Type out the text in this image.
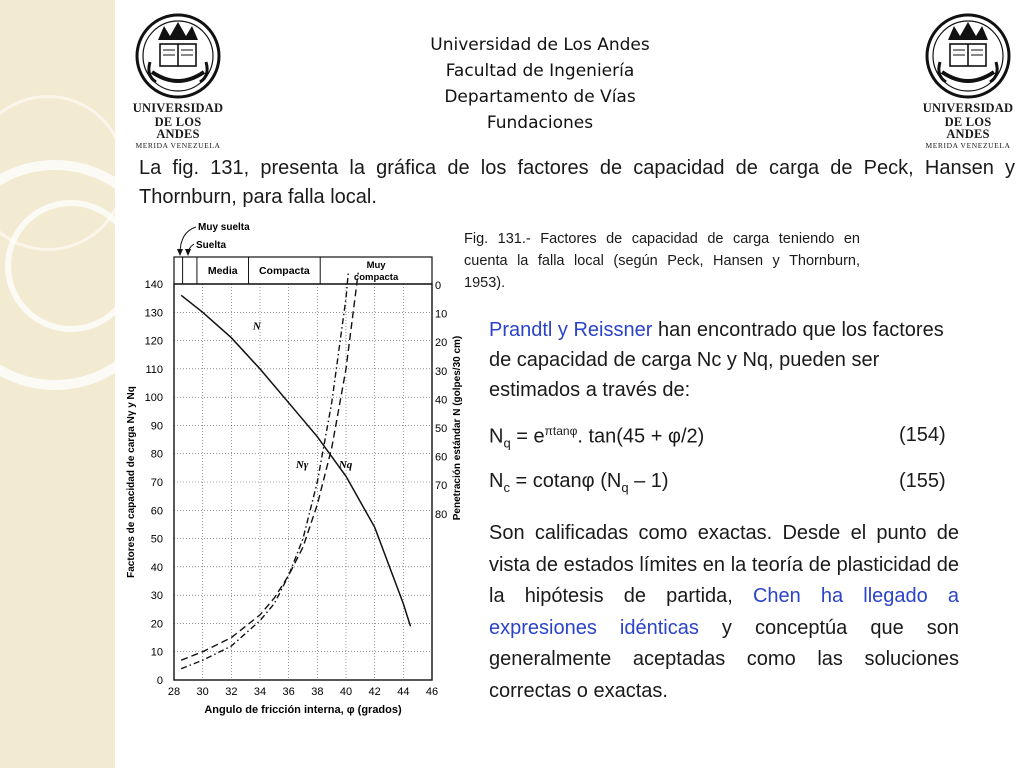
UNIVERSIDAD
DE LOS ANDES
MERIDA VENEZUELA
UNIVERSIDAD
DE LOS ANDES
MERIDA VENEZUELA
Universidad de Los Andes
Facultad de Ingeniería
Departamento de Vías
Fundaciones
La fig. 131, presenta la gráfica de los factores de capacidad de carga de Peck, Hansen y Thornburn, para falla local.
Media Compacta	Muy
compacta
Muy suelta
Suelta
28 30 32 34 36 38 40 42 44 46
0
10
20
30
40
50
60
70
80
90
100
110
120
130
140	0
10
20
30
40
50
60
70
80
Angulo de fricción interna, φ (grados)
Factores de capacidad de carga Nγ y Nq	Penetración estándar N (golpes/30 cm)
N
Nγ	Nq
Fig. 131.- Factores de capacidad de carga teniendo en cuenta la falla local (según Peck, Hansen y Thornburn, 1953).
Prandtl y Reissner han encontrado que los factores de capacidad de carga Nc y Nq, pueden ser estimados a través de:
$N_q = e^{\pi tan\varphi}$. tan(45 + φ/2)	(154)
$N_c = cotan\varphi$ $(N_q - 1)$	(155)
Son calificadas como exactas. Desde el punto de vista de estados límites en la teoría de plasticidad de la hipótesis de partida, Chen ha llegado a expresiones idénticas y conceptúa que son generalmente aceptadas como las soluciones correctas o exactas.
